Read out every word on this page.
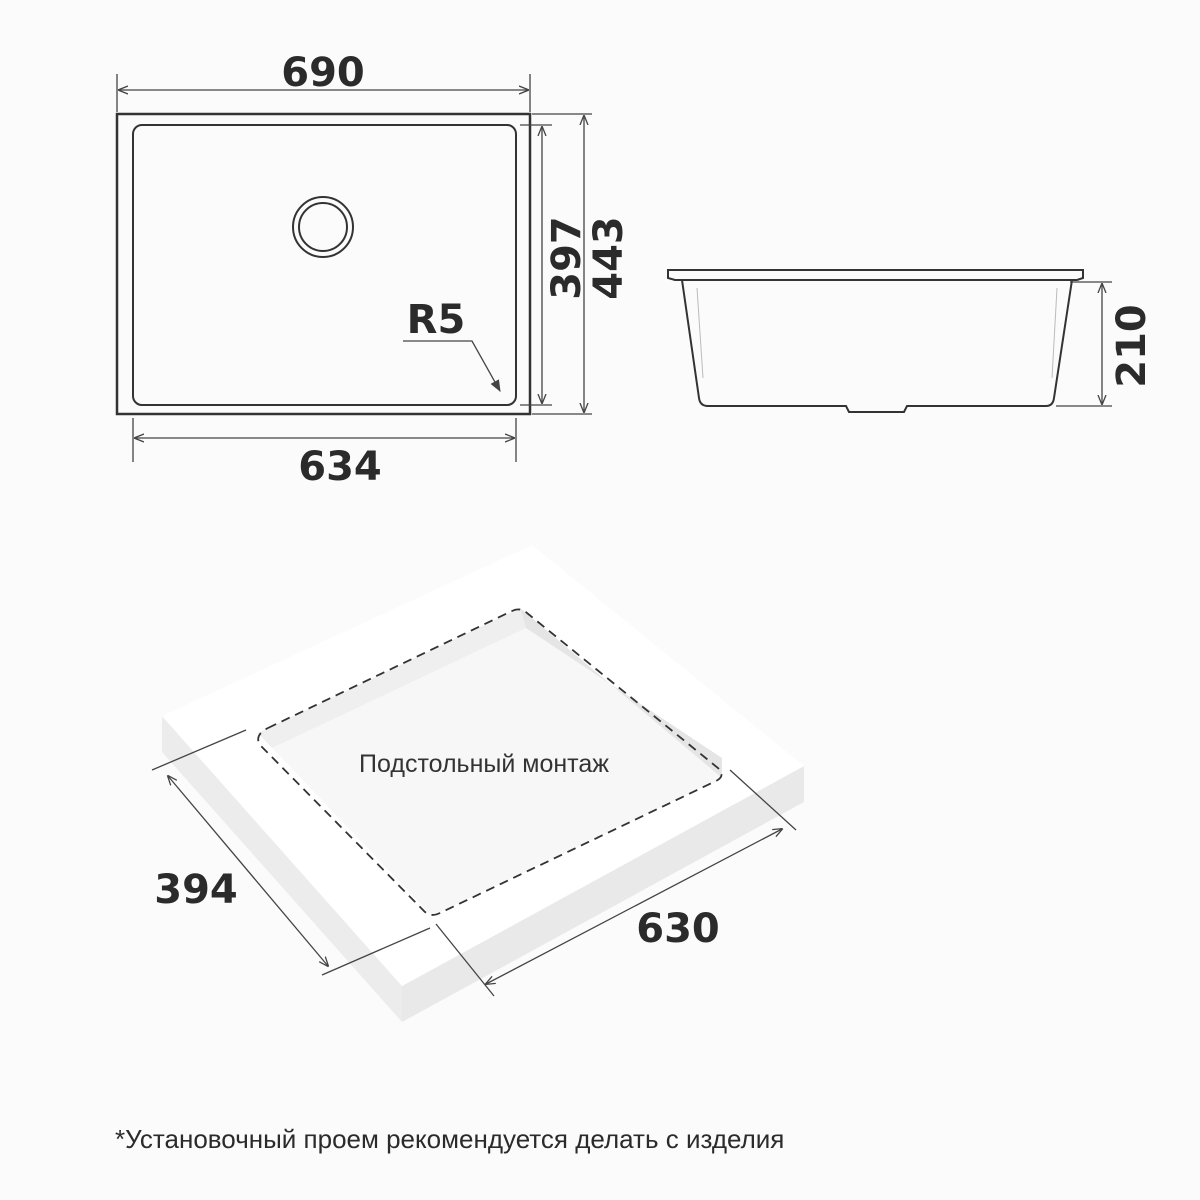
690
634
397
443
R5	210
394
630
Подстольный монтаж
*Установочный проем рекомендуется делать с изделия
